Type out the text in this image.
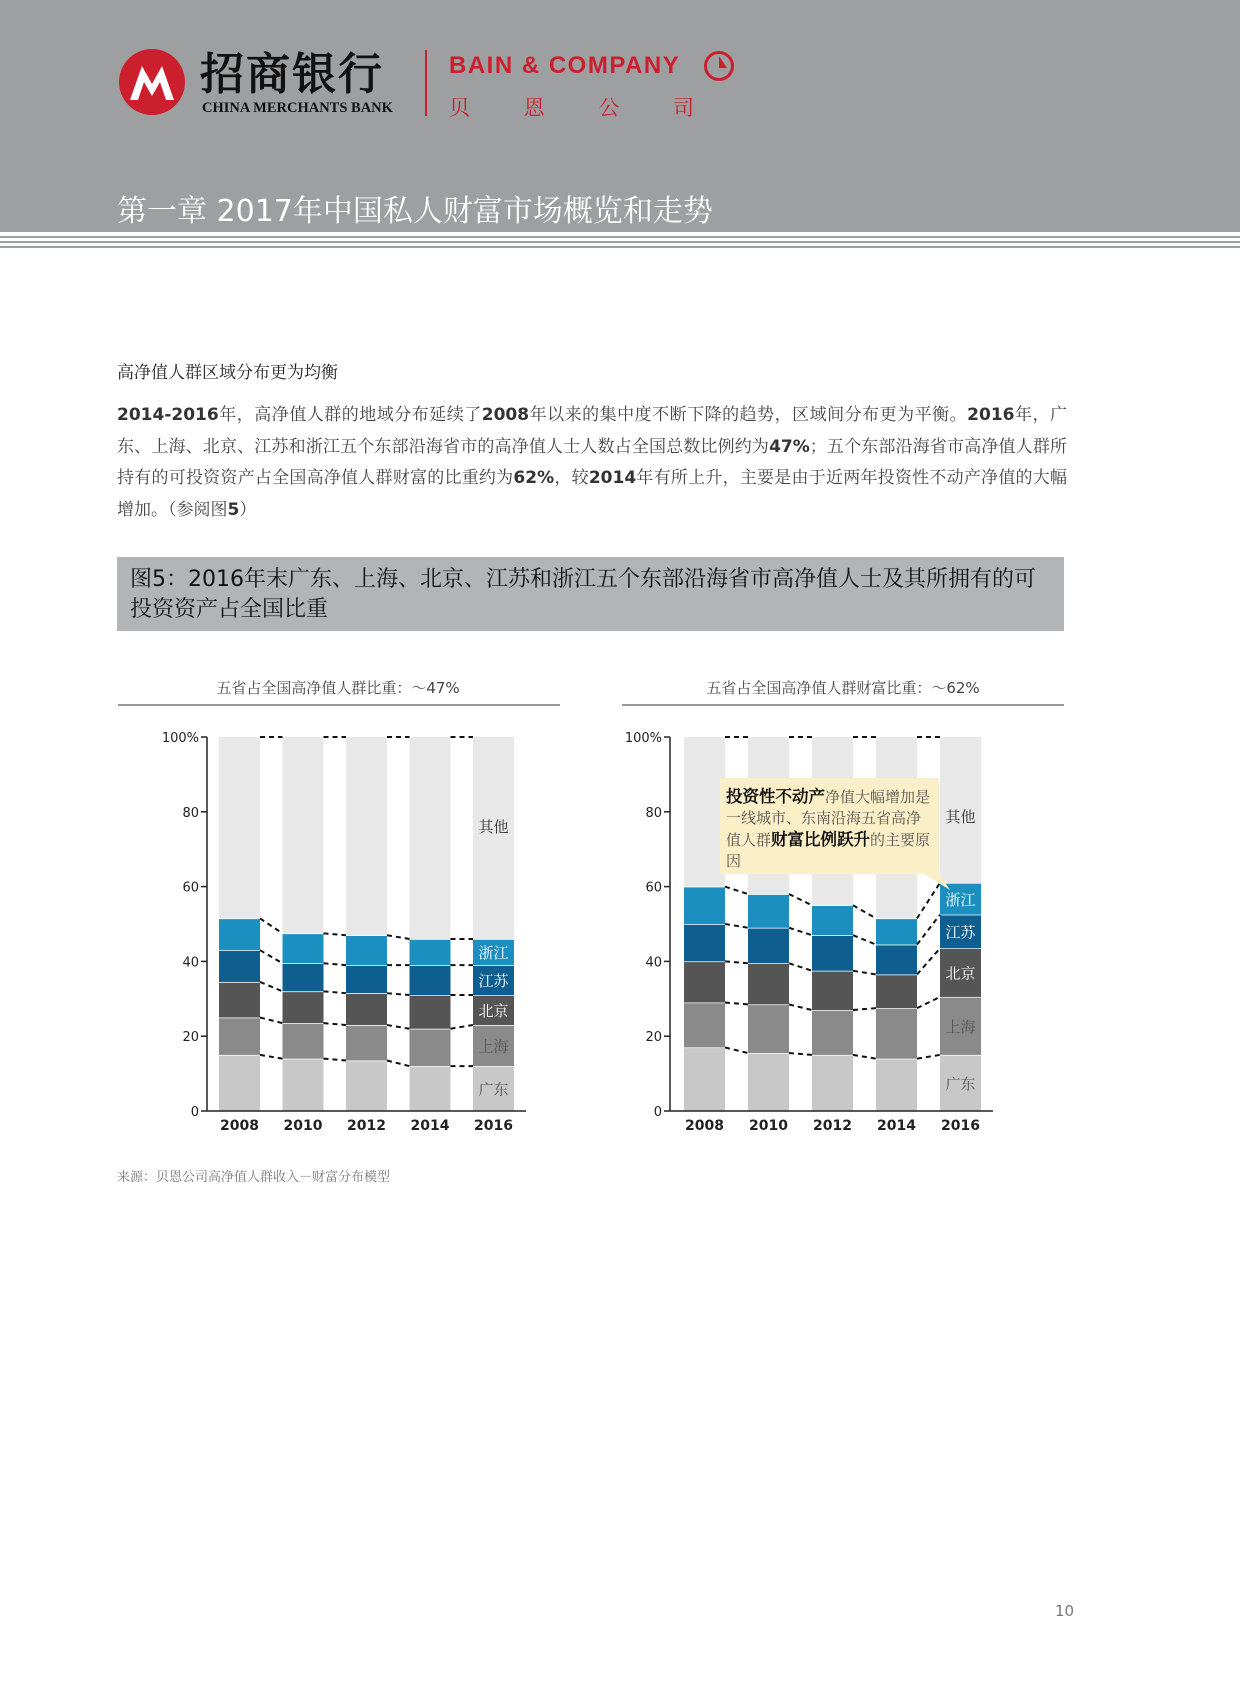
招商银行
CHINA MERCHANTS BANK
BAIN & COMPANY
贝	恩	公	司
第一章 2017年中国私人财富市场概览和走势
高净值人群区域分布更为均衡
2014-2016年，高净值人群的地域分布延续了2008年以来的集中度不断下降的趋势，区域间分布更为平衡。2016年，广东、上海、北京、江苏和浙江五个东部沿海省市的高净值人士人数占全国总数比例约为47%；五个东部沿海省市高净值人群所持有的可投资资产占全国高净值人群财富的比重约为62%，较2014年有所上升，主要是由于近两年投资性不动产净值的大幅增加。（参阅图5）
图5：2016年末广东、上海、北京、江苏和浙江五个东部沿海省市高净值人士及其所拥有的可投资资产占全国比重
五省占全国高净值人群比重：～47%
广东
上海
北京
江苏
浙江
其他
0
20
40
60
80
100%
2008 2010 2012 2014 2016
五省占全国高净值人群财富比重：～62%
广东
上海
北京
江苏
浙江
其他
0
20
40
60
80
100%
2008 2010 2012 2014 2016
投资性不动产净值大幅增加是一线城市、东南沿海五省高净值人群财富比例跃升的主要原因
来源：贝恩公司高净值人群收入－财富分布模型
10
